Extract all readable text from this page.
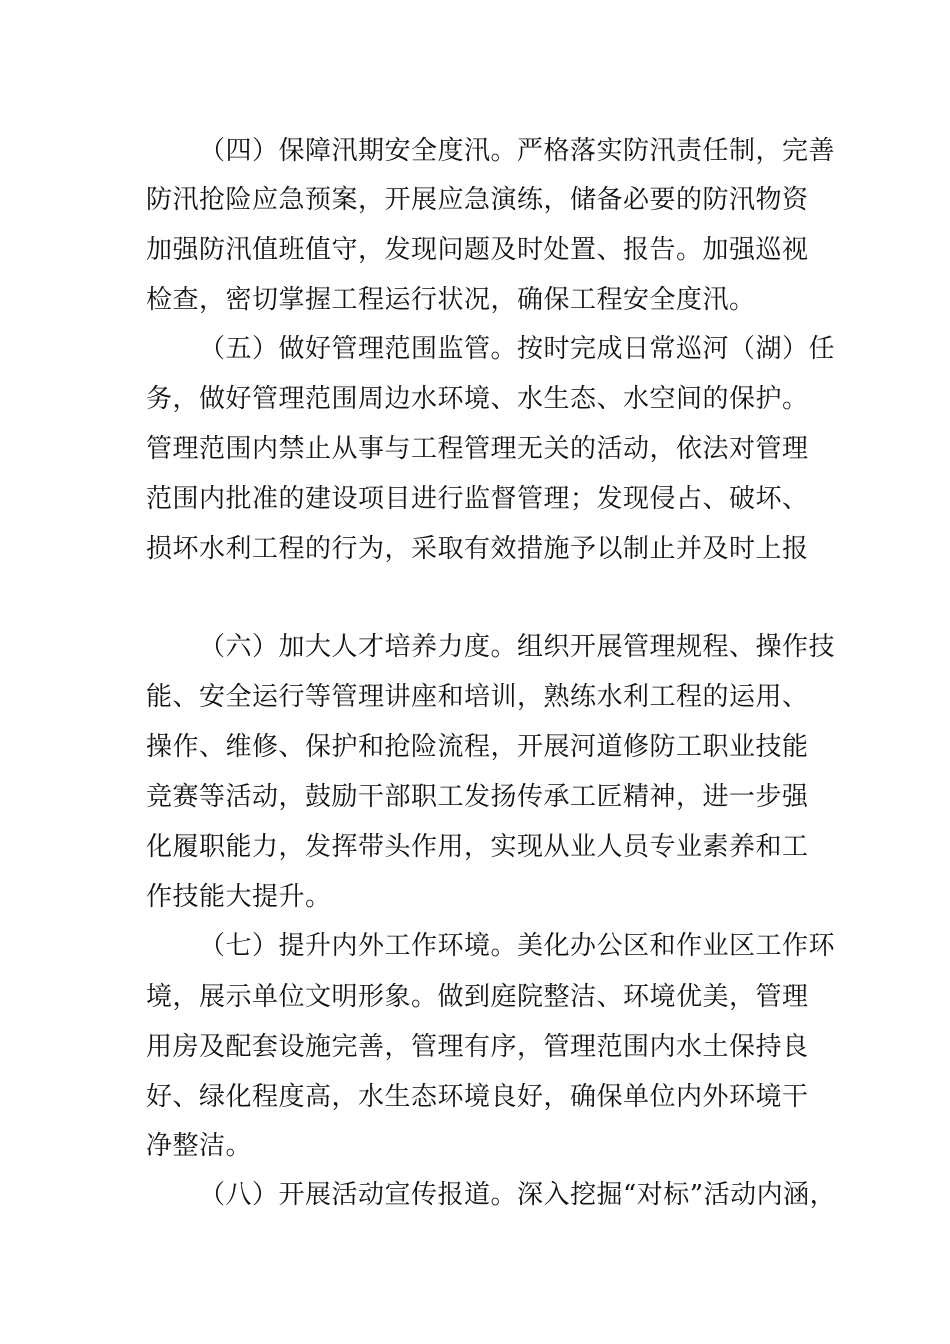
（四）保障汛期安全度汛。严格落实防汛责任制，完善
防汛抢险应急预案，开展应急演练，储备必要的防汛物资
加强防汛值班值守，发现问题及时处置、报告。加强巡视
检查，密切掌握工程运行状况，确保工程安全度汛。
（五）做好管理范围监管。按时完成日常巡河（湖）任
务，做好管理范围周边水环境、水生态、水空间的保护。
管理范围内禁止从事与工程管理无关的活动，依法对管理
范围内批准的建设项目进行监督管理；发现侵占、破坏、
损坏水利工程的行为，采取有效措施予以制止并及时上报
（六）加大人才培养力度。组织开展管理规程、操作技
能、安全运行等管理讲座和培训，熟练水利工程的运用、
操作、维修、保护和抢险流程，开展河道修防工职业技能
竞赛等活动，鼓励干部职工发扬传承工匠精神，进一步强
化履职能力，发挥带头作用，实现从业人员专业素养和工
作技能大提升。
（七）提升内外工作环境。美化办公区和作业区工作环
境，展示单位文明形象。做到庭院整洁、环境优美，管理
用房及配套设施完善，管理有序，管理范围内水土保持良
好、绿化程度高，水生态环境良好，确保单位内外环境干
净整洁。
（八）开展活动宣传报道。深入挖掘“对标”活动内涵，
